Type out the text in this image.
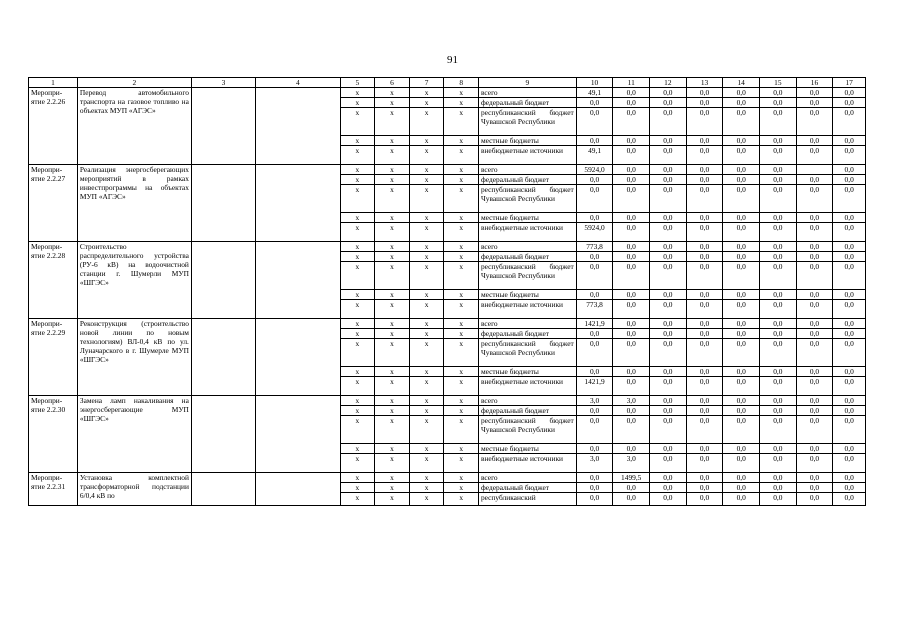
91
1	2	3	4	5	6	7	8	9	10	11	12	13	14	15	16	17
Меропри-ятие 2.2.26	Перевод автомобильного транспорта на газовое топливо на объектах МУП «АГЭС»			х	х	х	х	всего	49,1	0,0	0,0	0,0	0,0	0,0	0,0	0,0
				х	х	х	х	федеральный бюджет	0,0	0,0	0,0	0,0	0,0	0,0	0,0	0,0
				х	х	х	х	республиканский бюджет Чувашской Республики	0,0	0,0	0,0	0,0	0,0	0,0	0,0	0,0
				х	х	х	х	местные бюджеты	0,0	0,0	0,0	0,0	0,0	0,0	0,0	0,0
				х	х	х	х	внебюджетные источники	49,1	0,0	0,0	0,0	0,0	0,0	0,0	0,0
Меропри-ятие 2.2.27	Реализация энергосберегающих мероприятий в рамках инвестпрограммы на объектах МУП «АГЭС»			х	х	х	х	всего	5924,0	0,0	0,0	0,0	0,0	0,0		0,0
				х	х	х	х	федеральный бюджет	0,0	0,0	0,0	0,0	0,0	0,0	0,0	0,0
				х	х	х	х	республиканский бюджет Чувашской Республики	0,0	0,0	0,0	0,0	0,0	0,0	0,0	0,0
				х	х	х	х	местные бюджеты	0,0	0,0	0,0	0,0	0,0	0,0	0,0	0,0
				х	х	х	х	внебюджетные источники	5924,0	0,0	0,0	0,0	0,0	0,0	0,0	0,0
Меропри-ятие 2.2.28	Строительство распределительного устройства (РУ-6 кВ) на водоочистной станции г. Шумерли МУП «ШГЭС»			х	х	х	х	всего	773,8	0,0	0,0	0,0	0,0	0,0	0,0	0,0
				х	х	х	х	федеральный бюджет	0,0	0,0	0,0	0,0	0,0	0,0	0,0	0,0
				х	х	х	х	республиканский бюджет Чувашской Республики	0,0	0,0	0,0	0,0	0,0	0,0	0,0	0,0
				х	х	х	х	местные бюджеты	0,0	0,0	0,0	0,0	0,0	0,0	0,0	0,0
				х	х	х	х	внебюджетные источники	773,8	0,0	0,0	0,0	0,0	0,0	0,0	0,0
Меропри-ятие 2.2.29	Реконструкция (строительство новой линии по новым технологиям) ВЛ-0,4 кВ по ул. Луначарского в г. Шумерле МУП «ШГЭС»			х	х	х	х	всего	1421,9	0,0	0,0	0,0	0,0	0,0	0,0	0,0
				х	х	х	х	федеральный бюджет	0,0	0,0	0,0	0,0	0,0	0,0	0,0	0,0
				х	х	х	х	республиканский бюджет Чувашской Республики	0,0	0,0	0,0	0,0	0,0	0,0	0,0	0,0
				х	х	х	х	местные бюджеты	0,0	0,0	0,0	0,0	0,0	0,0	0,0	0,0
				х	х	х	х	внебюджетные источники	1421,9	0,0	0,0	0,0	0,0	0,0	0,0	0,0
Меропри-ятие 2.2.30	Замена ламп накаливания на энергосберегающие МУП «ШГЭС»			х	х	х	х	всего	3,0	3,0	0,0	0,0	0,0	0,0	0,0	0,0
				х	х	х	х	федеральный бюджет	0,0	0,0	0,0	0,0	0,0	0,0	0,0	0,0
				х	х	х	х	республиканский бюджет Чувашской Республики	0,0	0,0	0,0	0,0	0,0	0,0	0,0	0,0
				х	х	х	х	местные бюджеты	0,0	0,0	0,0	0,0	0,0	0,0	0,0	0,0
				х	х	х	х	внебюджетные источники	3,0	3,0	0,0	0,0	0,0	0,0	0,0	0,0
Меропри-ятие 2.2.31	Установка комплектной трансформаторной подстанции 6/0,4 кВ по			х	х	х	х	всего	0,0	1499,5	0,0	0,0	0,0	0,0	0,0	0,0
				х	х	х	х	федеральный бюджет	0,0	0,0	0,0	0,0	0,0	0,0	0,0	0,0
				х	х	х	х	республиканский	0,0	0,0	0,0	0,0	0,0	0,0	0,0	0,0
